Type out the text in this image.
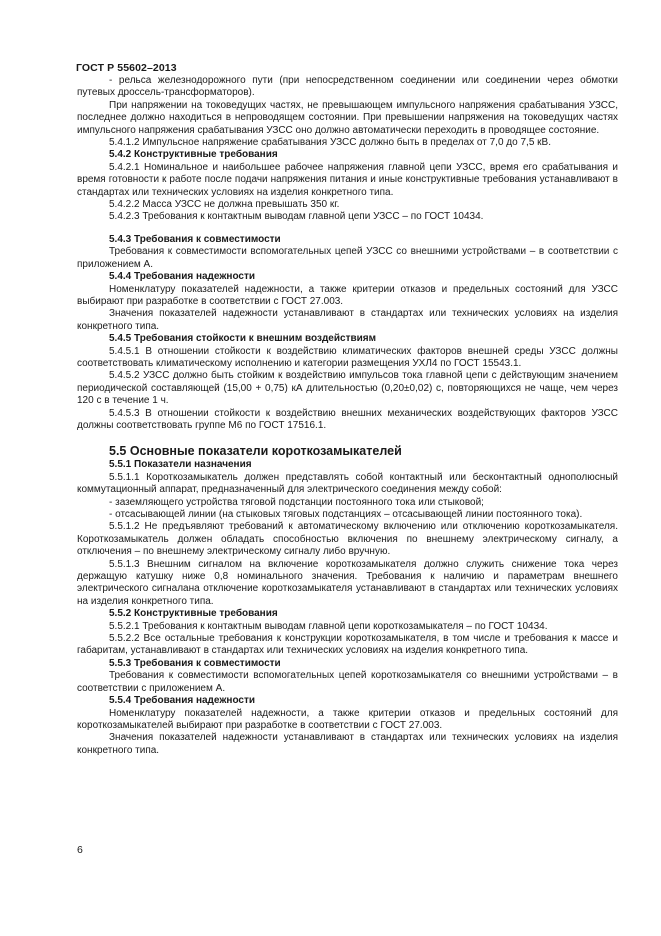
ГОСТ Р 55602–2013

- рельса железнодорожного пути (при непосредственном соединении или соединении через обмотки путевых дроссель-трансформаторов).

При напряжении на токоведущих частях, не превышающем импульсного напряжения срабатывания УЗСС, последнее должно находиться в непроводящем состоянии. При превышении напряжения на токоведущих частях импульсного напряжения срабатывания УЗСС оно должно автоматически переходить в проводящее состояние.

5.4.1.2 Импульсное напряжение срабатывания УЗСС должно быть в пределах от 7,0 до 7,5 кВ.

5.4.2 Конструктивные требования

5.4.2.1 Номинальное и наибольшее рабочее напряжения главной цепи УЗСС, время его срабатывания и время готовности к работе после подачи напряжения питания и иные конструктивные требования устанавливают в стандартах или технических условиях на изделия конкретного типа.

5.4.2.2 Масса УЗСС не должна превышать 350 кг.

5.4.2.3 Требования к контактным выводам главной цепи УЗСС – по ГОСТ 10434.

5.4.3 Требования к совместимости

Требования к совместимости вспомогательных цепей УЗСС со внешними устройствами – в соответствии с приложением А.

5.4.4 Требования надежности

Номенклатуру показателей надежности, а также критерии отказов и предельных состояний для УЗСС выбирают при разработке в соответствии с ГОСТ 27.003.

Значения показателей надежности устанавливают в стандартах или технических условиях на изделия конкретного типа.

5.4.5 Требования стойкости к внешним воздействиям

5.4.5.1 В отношении стойкости к воздействию климатических факторов внешней среды УЗСС должны соответствовать климатическому исполнению и категории размещения УХЛ4 по ГОСТ 15543.1.

5.4.5.2 УЗСС должно быть стойким к воздействию импульсов тока главной цепи с действующим значением периодической составляющей (15,00 + 0,75) кА длительностью (0,20±0,02) с, повторяющихся не чаще, чем через 120 с в течение 1 ч.

5.4.5.3 В отношении стойкости к воздействию внешних механических воздействующих факторов УЗСС должны соответствовать группе М6 по ГОСТ 17516.1.

5.5 Основные показатели короткозамыкателей

5.5.1 Показатели назначения

5.5.1.1 Короткозамыкатель должен представлять собой контактный или бесконтактный однополюсный коммутационный аппарат, предназначенный для электрического соединения между собой:

- заземляющего устройства тяговой подстанции постоянного тока или стыковой;

- отсасывающей линии (на стыковых тяговых подстанциях – отсасывающей линии постоянного тока).

5.5.1.2 Не предъявляют требований к автоматическому включению или отключению короткозамыкателя. Короткозамыкатель должен обладать способностью включения по внешнему электрическому сигналу, а отключения – по внешнему электрическому сигналу либо вручную.

5.5.1.3 Внешним сигналом на включение короткозамыкателя должно служить снижение тока через держащую катушку ниже 0,8 номинального значения. Требования к наличию и параметрам внешнего электрического сигналана отключение короткозамыкателя устанавливают в стандартах или технических условиях на изделия конкретного типа.

5.5.2 Конструктивные требования

5.5.2.1 Требования к контактным выводам главной цепи короткозамыкателя – по ГОСТ 10434.

5.5.2.2 Все остальные требования к конструкции короткозамыкателя, в том числе и требования к массе и габаритам, устанавливают в стандартах или технических условиях на изделия конкретного типа.

5.5.3 Требования к совместимости

Требования к совместимости вспомогательных цепей короткозамыкателя со внешними устройствами – в соответствии с приложением А.

5.5.4 Требования надежности

Номенклатуру показателей надежности, а также критерии отказов и предельных состояний для короткозамыкателей выбирают при разработке в соответствии с ГОСТ 27.003.

Значения показателей надежности устанавливают в стандартах или технических условиях на изделия конкретного типа.

6
